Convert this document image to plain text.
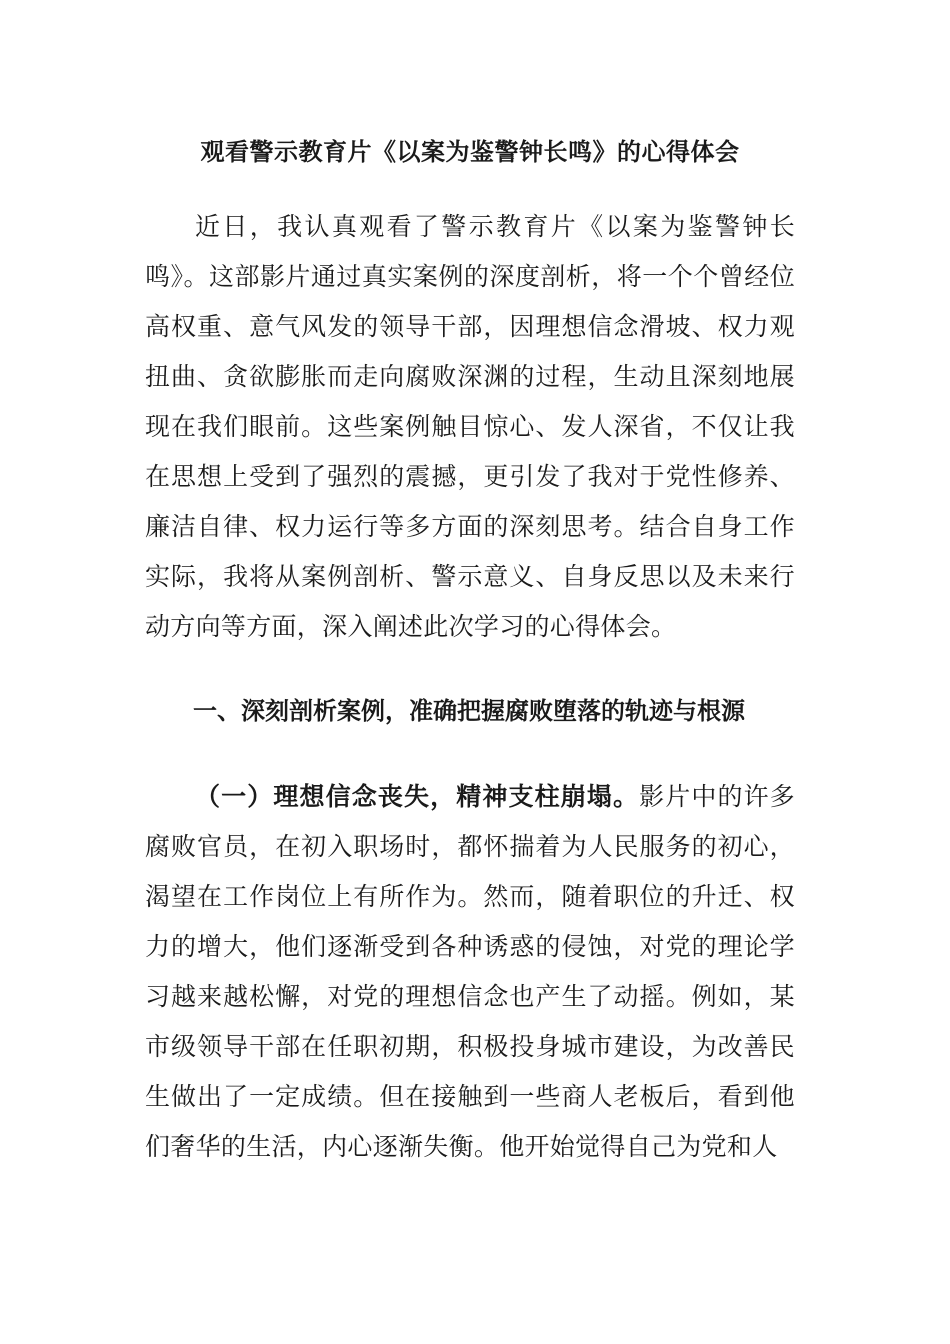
观看警示教育片《以案为鉴警钟长鸣》的心得体会

近日，我认真观看了警示教育片《以案为鉴警钟长鸣》。这部影片通过真实案例的深度剖析，将一个个曾经位高权重、意气风发的领导干部，因理想信念滑坡、权力观扭曲、贪欲膨胀而走向腐败深渊的过程，生动且深刻地展现在我们眼前。这些案例触目惊心、发人深省，不仅让我在思想上受到了强烈的震撼，更引发了我对于党性修养、廉洁自律、权力运行等多方面的深刻思考。结合自身工作实际，我将从案例剖析、警示意义、自身反思以及未来行动方向等方面，深入阐述此次学习的心得体会。

一、深刻剖析案例，准确把握腐败堕落的轨迹与根源

（一）理想信念丧失，精神支柱崩塌。影片中的许多腐败官员，在初入职场时，都怀揣着为人民服务的初心，渴望在工作岗位上有所作为。然而，随着职位的升迁、权力的增大，他们逐渐受到各种诱惑的侵蚀，对党的理论学习越来越松懈，对党的理想信念也产生了动摇。例如，某市级领导干部在任职初期，积极投身城市建设，为改善民生做出了一定成绩。但在接触到一些商人老板后，看到他们奢华的生活，内心逐渐失衡。他开始觉得自己为党和人
